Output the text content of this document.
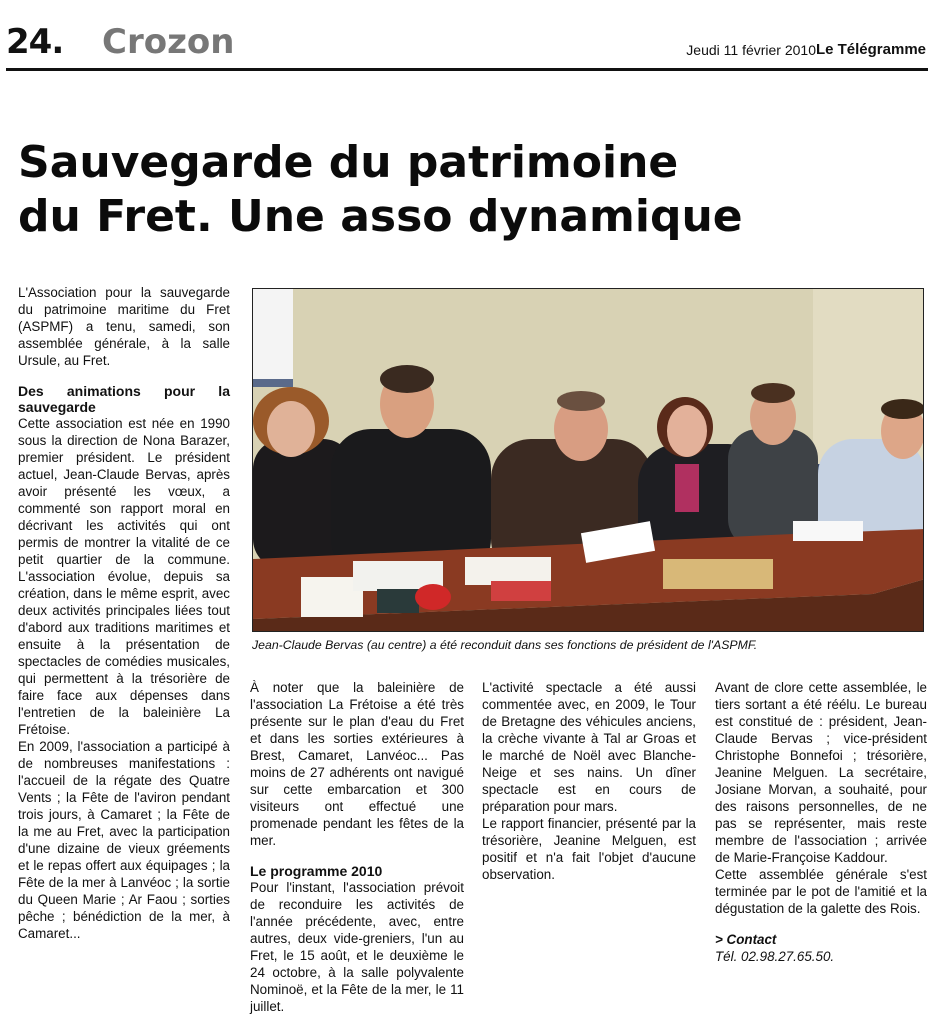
24. Crozon	Jeudi 11 février 2010 Le Télégramme
Sauvegarde du patrimoine
du Fret. Une asso dynamique

L'Association pour la sauvegarde du patrimoine maritime du Fret (ASPMF) a tenu, samedi, son assemblée générale, à la salle Ursule, au Fret.

Des animations pour la sauvegarde

Cette association est née en 1990 sous la direction de Nona Barazer, premier président. Le président actuel, Jean-Claude Bervas, après avoir présenté les vœux, a commenté son rapport moral en décrivant les activités qui ont permis de montrer la vitalité de ce petit quartier de la commune. L'association évolue, depuis sa création, dans le même esprit, avec deux activités principales liées tout d'abord aux traditions maritimes et ensuite à la présentation de spectacles de comédies musicales, qui permettent à la trésorière de faire face aux dépenses dans l'entretien de la baleinière La Frétoise.

En 2009, l'association a participé à de nombreuses manifestations : l'accueil de la régate des Quatre Vents ; la Fête de l'aviron pendant trois jours, à Camaret ; la Fête de la me au Fret, avec la participation d'une dizaine de vieux gréements et le repas offert aux équipages ; la Fête de la mer à Lanvéoc ; la sortie du Queen Marie ; Ar Faou ; sorties pêche ; bénédiction de la mer, à Camaret...

À noter que la baleinière de l'association La Frétoise a été très présente sur le plan d'eau du Fret et dans les sorties extérieures à Brest, Camaret, Lanvéoc... Pas moins de 27 adhérents ont navigué sur cette embarcation et 300 visiteurs ont effectué une promenade pendant les fêtes de la mer.

Le programme 2010

Pour l'instant, l'association prévoit de reconduire les activités de l'année précédente, avec, entre autres, deux vide-greniers, l'un au Fret, le 15 août, et le deuxième le 24 octobre, à la salle polyvalente Nominoë, et la Fête de la mer, le 11 juillet.

L'activité spectacle a été aussi commentée avec, en 2009, le Tour de Bretagne des véhicules anciens, la crèche vivante à Tal ar Groas et le marché de Noël avec Blanche-Neige et ses nains. Un dîner spectacle est en cours de préparation pour mars.

Le rapport financier, présenté par la trésorière, Jeanine Melguen, est positif et n'a fait l'objet d'aucune observation.

Avant de clore cette assemblée, le tiers sortant a été réélu. Le bureau est constitué de : président, Jean-Claude Bervas ; vice-président Christophe Bonnefoi ; trésorière, Jeanine Melguen. La secrétaire, Josiane Morvan, a souhaité, pour des raisons personnelles, de ne pas se représenter, mais reste membre de l'association ; arrivée de Marie-Françoise Kaddour.

Cette assemblée générale s'est terminée par le pot de l'amitié et la dégustation de la galette des Rois.

> Contact

Tél. 02.98.27.65.50.

Jean-Claude Bervas (au centre) a été reconduit dans ses fonctions de président de l'ASPMF.
